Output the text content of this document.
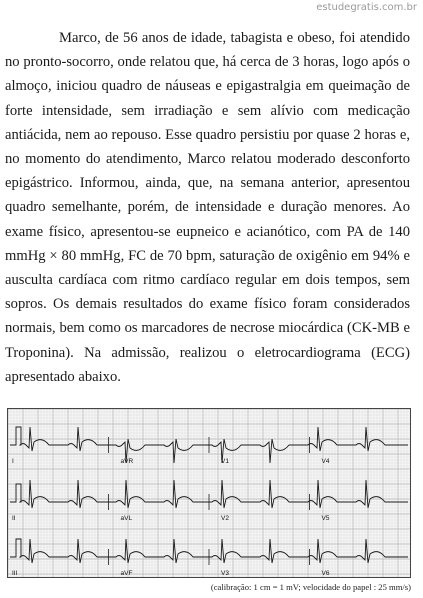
estudegratis.com.br

Marco, de 56 anos de idade, tabagista e obeso, foi atendido no pronto-socorro, onde relatou que, há cerca de 3 horas, logo após o almoço, iniciou quadro de náuseas e epigastralgia em queimação de forte intensidade, sem irradiação e sem alívio com medicação antiácida, nem ao repouso. Esse quadro persistiu por quase 2 horas e, no momento do atendimento, Marco relatou moderado desconforto epigástrico. Informou, ainda, que, na semana anterior, apresentou quadro semelhante, porém, de intensidade e duração menores. Ao exame físico, apresentou-se eupneico e acianótico, com PA de 140 mmHg × 80 mmHg, FC de 70 bpm, saturação de oxigênio em 94% e ausculta cardíaca com ritmo cardíaco regular em dois tempos, sem sopros. Os demais resultados do exame físico foram considerados normais, bem como os marcadores de necrose miocárdica (CK-MB e Troponina). Na admissão, realizou o eletrocardiograma (ECG) apresentado abaixo.

I	aVR	V1	V4
II	aVL	V2	V5
III	aVF	V3	V6
(calibração: 1 cm = 1 mV; velocidade do papel : 25 mm/s)
